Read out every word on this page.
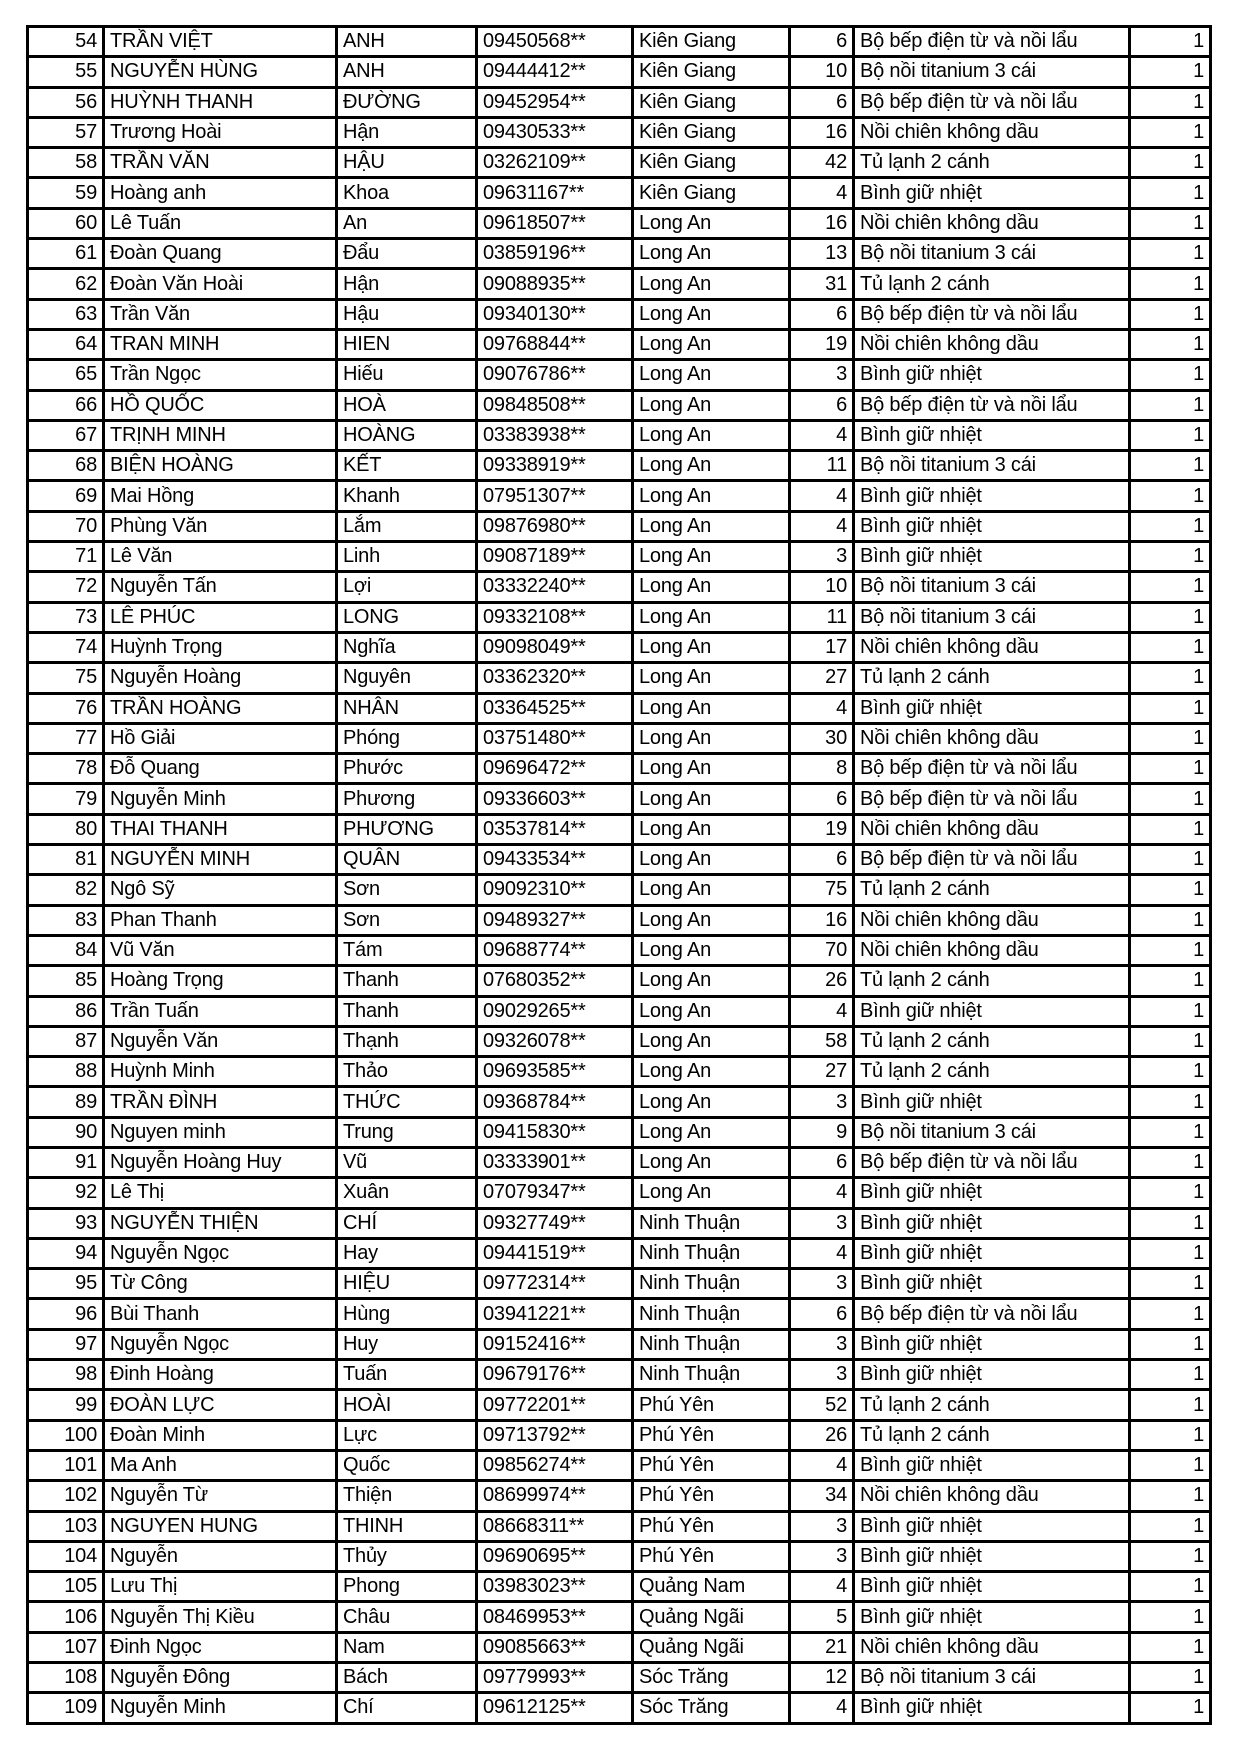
54	TRẦN VIỆT	ANH	09450568**	Kiên Giang	6	Bộ bếp điện từ và nồi lẩu	1
55	NGUYỄN HÙNG	ANH	09444412**	Kiên Giang	10	Bộ nồi titanium 3 cái	1
56	HUỲNH THANH	ĐƯỜNG	09452954**	Kiên Giang	6	Bộ bếp điện từ và nồi lẩu	1
57	Trương Hoài	Hận	09430533**	Kiên Giang	16	Nồi chiên không dầu	1
58	TRẦN VĂN	HẬU	03262109**	Kiên Giang	42	Tủ lạnh 2 cánh	1
59	Hoàng anh	Khoa	09631167**	Kiên Giang	4	Bình giữ nhiệt	1
60	Lê Tuấn	An	09618507**	Long An	16	Nồi chiên không dầu	1
61	Đoàn Quang	Đẩu	03859196**	Long An	13	Bộ nồi titanium 3 cái	1
62	Đoàn Văn Hoài	Hận	09088935**	Long An	31	Tủ lạnh 2 cánh	1
63	Trần Văn	Hậu	09340130**	Long An	6	Bộ bếp điện từ và nồi lẩu	1
64	TRAN MINH	HIEN	09768844**	Long An	19	Nồi chiên không dầu	1
65	Trần Ngọc	Hiếu	09076786**	Long An	3	Bình giữ nhiệt	1
66	HỒ QUỐC	HOÀ	09848508**	Long An	6	Bộ bếp điện từ và nồi lẩu	1
67	TRỊNH MINH	HOÀNG	03383938**	Long An	4	Bình giữ nhiệt	1
68	BIỆN HOÀNG	KẾT	09338919**	Long An	11	Bộ nồi titanium 3 cái	1
69	Mai Hồng	Khanh	07951307**	Long An	4	Bình giữ nhiệt	1
70	Phùng Văn	Lắm	09876980**	Long An	4	Bình giữ nhiệt	1
71	Lê Văn	Linh	09087189**	Long An	3	Bình giữ nhiệt	1
72	Nguyễn Tấn	Lợi	03332240**	Long An	10	Bộ nồi titanium 3 cái	1
73	LÊ PHÚC	LONG	09332108**	Long An	11	Bộ nồi titanium 3 cái	1
74	Huỳnh Trọng	Nghĩa	09098049**	Long An	17	Nồi chiên không dầu	1
75	Nguyễn Hoàng	Nguyên	03362320**	Long An	27	Tủ lạnh 2 cánh	1
76	TRẦN HOÀNG	NHÂN	03364525**	Long An	4	Bình giữ nhiệt	1
77	Hồ Giải	Phóng	03751480**	Long An	30	Nồi chiên không dầu	1
78	Đỗ Quang	Phước	09696472**	Long An	8	Bộ bếp điện từ và nồi lẩu	1
79	Nguyễn Minh	Phương	09336603**	Long An	6	Bộ bếp điện từ và nồi lẩu	1
80	THAI THANH	PHƯƠNG	03537814**	Long An	19	Nồi chiên không dầu	1
81	NGUYỄN MINH	QUÂN	09433534**	Long An	6	Bộ bếp điện từ và nồi lẩu	1
82	Ngô Sỹ	Sơn	09092310**	Long An	75	Tủ lạnh 2 cánh	1
83	Phan Thanh	Sơn	09489327**	Long An	16	Nồi chiên không dầu	1
84	Vũ Văn	Tám	09688774**	Long An	70	Nồi chiên không dầu	1
85	Hoàng Trọng	Thanh	07680352**	Long An	26	Tủ lạnh 2 cánh	1
86	Trần Tuấn	Thanh	09029265**	Long An	4	Bình giữ nhiệt	1
87	Nguyễn Văn	Thạnh	09326078**	Long An	58	Tủ lạnh 2 cánh	1
88	Huỳnh Minh	Thảo	09693585**	Long An	27	Tủ lạnh 2 cánh	1
89	TRẦN ĐÌNH	THỨC	09368784**	Long An	3	Bình giữ nhiệt	1
90	Nguyen minh	Trung	09415830**	Long An	9	Bộ nồi titanium 3 cái	1
91	Nguyễn Hoàng Huy	Vũ	03333901**	Long An	6	Bộ bếp điện từ và nồi lẩu	1
92	Lê Thị	Xuân	07079347**	Long An	4	Bình giữ nhiệt	1
93	NGUYỄN THIỆN	CHÍ	09327749**	Ninh Thuận	3	Bình giữ nhiệt	1
94	Nguyễn Ngọc	Hay	09441519**	Ninh Thuận	4	Bình giữ nhiệt	1
95	Từ Công	HIỆU	09772314**	Ninh Thuận	3	Bình giữ nhiệt	1
96	Bùi Thanh	Hùng	03941221**	Ninh Thuận	6	Bộ bếp điện từ và nồi lẩu	1
97	Nguyễn Ngọc	Huy	09152416**	Ninh Thuận	3	Bình giữ nhiệt	1
98	Đinh Hoàng	Tuấn	09679176**	Ninh Thuận	3	Bình giữ nhiệt	1
99	ĐOÀN LỰC	HOÀI	09772201**	Phú Yên	52	Tủ lạnh 2 cánh	1
100	Đoàn Minh	Lực	09713792**	Phú Yên	26	Tủ lạnh 2 cánh	1
101	Ma Anh	Quốc	09856274**	Phú Yên	4	Bình giữ nhiệt	1
102	Nguyễn Từ	Thiện	08699974**	Phú Yên	34	Nồi chiên không dầu	1
103	NGUYEN HUNG	THINH	08668311**	Phú Yên	3	Bình giữ nhiệt	1
104	Nguyễn	Thủy	09690695**	Phú Yên	3	Bình giữ nhiệt	1
105	Lưu Thị	Phong	03983023**	Quảng Nam	4	Bình giữ nhiệt	1
106	Nguyễn Thị Kiều	Châu	08469953**	Quảng Ngãi	5	Bình giữ nhiệt	1
107	Đinh Ngọc	Nam	09085663**	Quảng Ngãi	21	Nồi chiên không dầu	1
108	Nguyễn Đông	Bách	09779993**	Sóc Trăng	12	Bộ nồi titanium 3 cái	1
109	Nguyễn Minh	Chí	09612125**	Sóc Trăng	4	Bình giữ nhiệt	1
